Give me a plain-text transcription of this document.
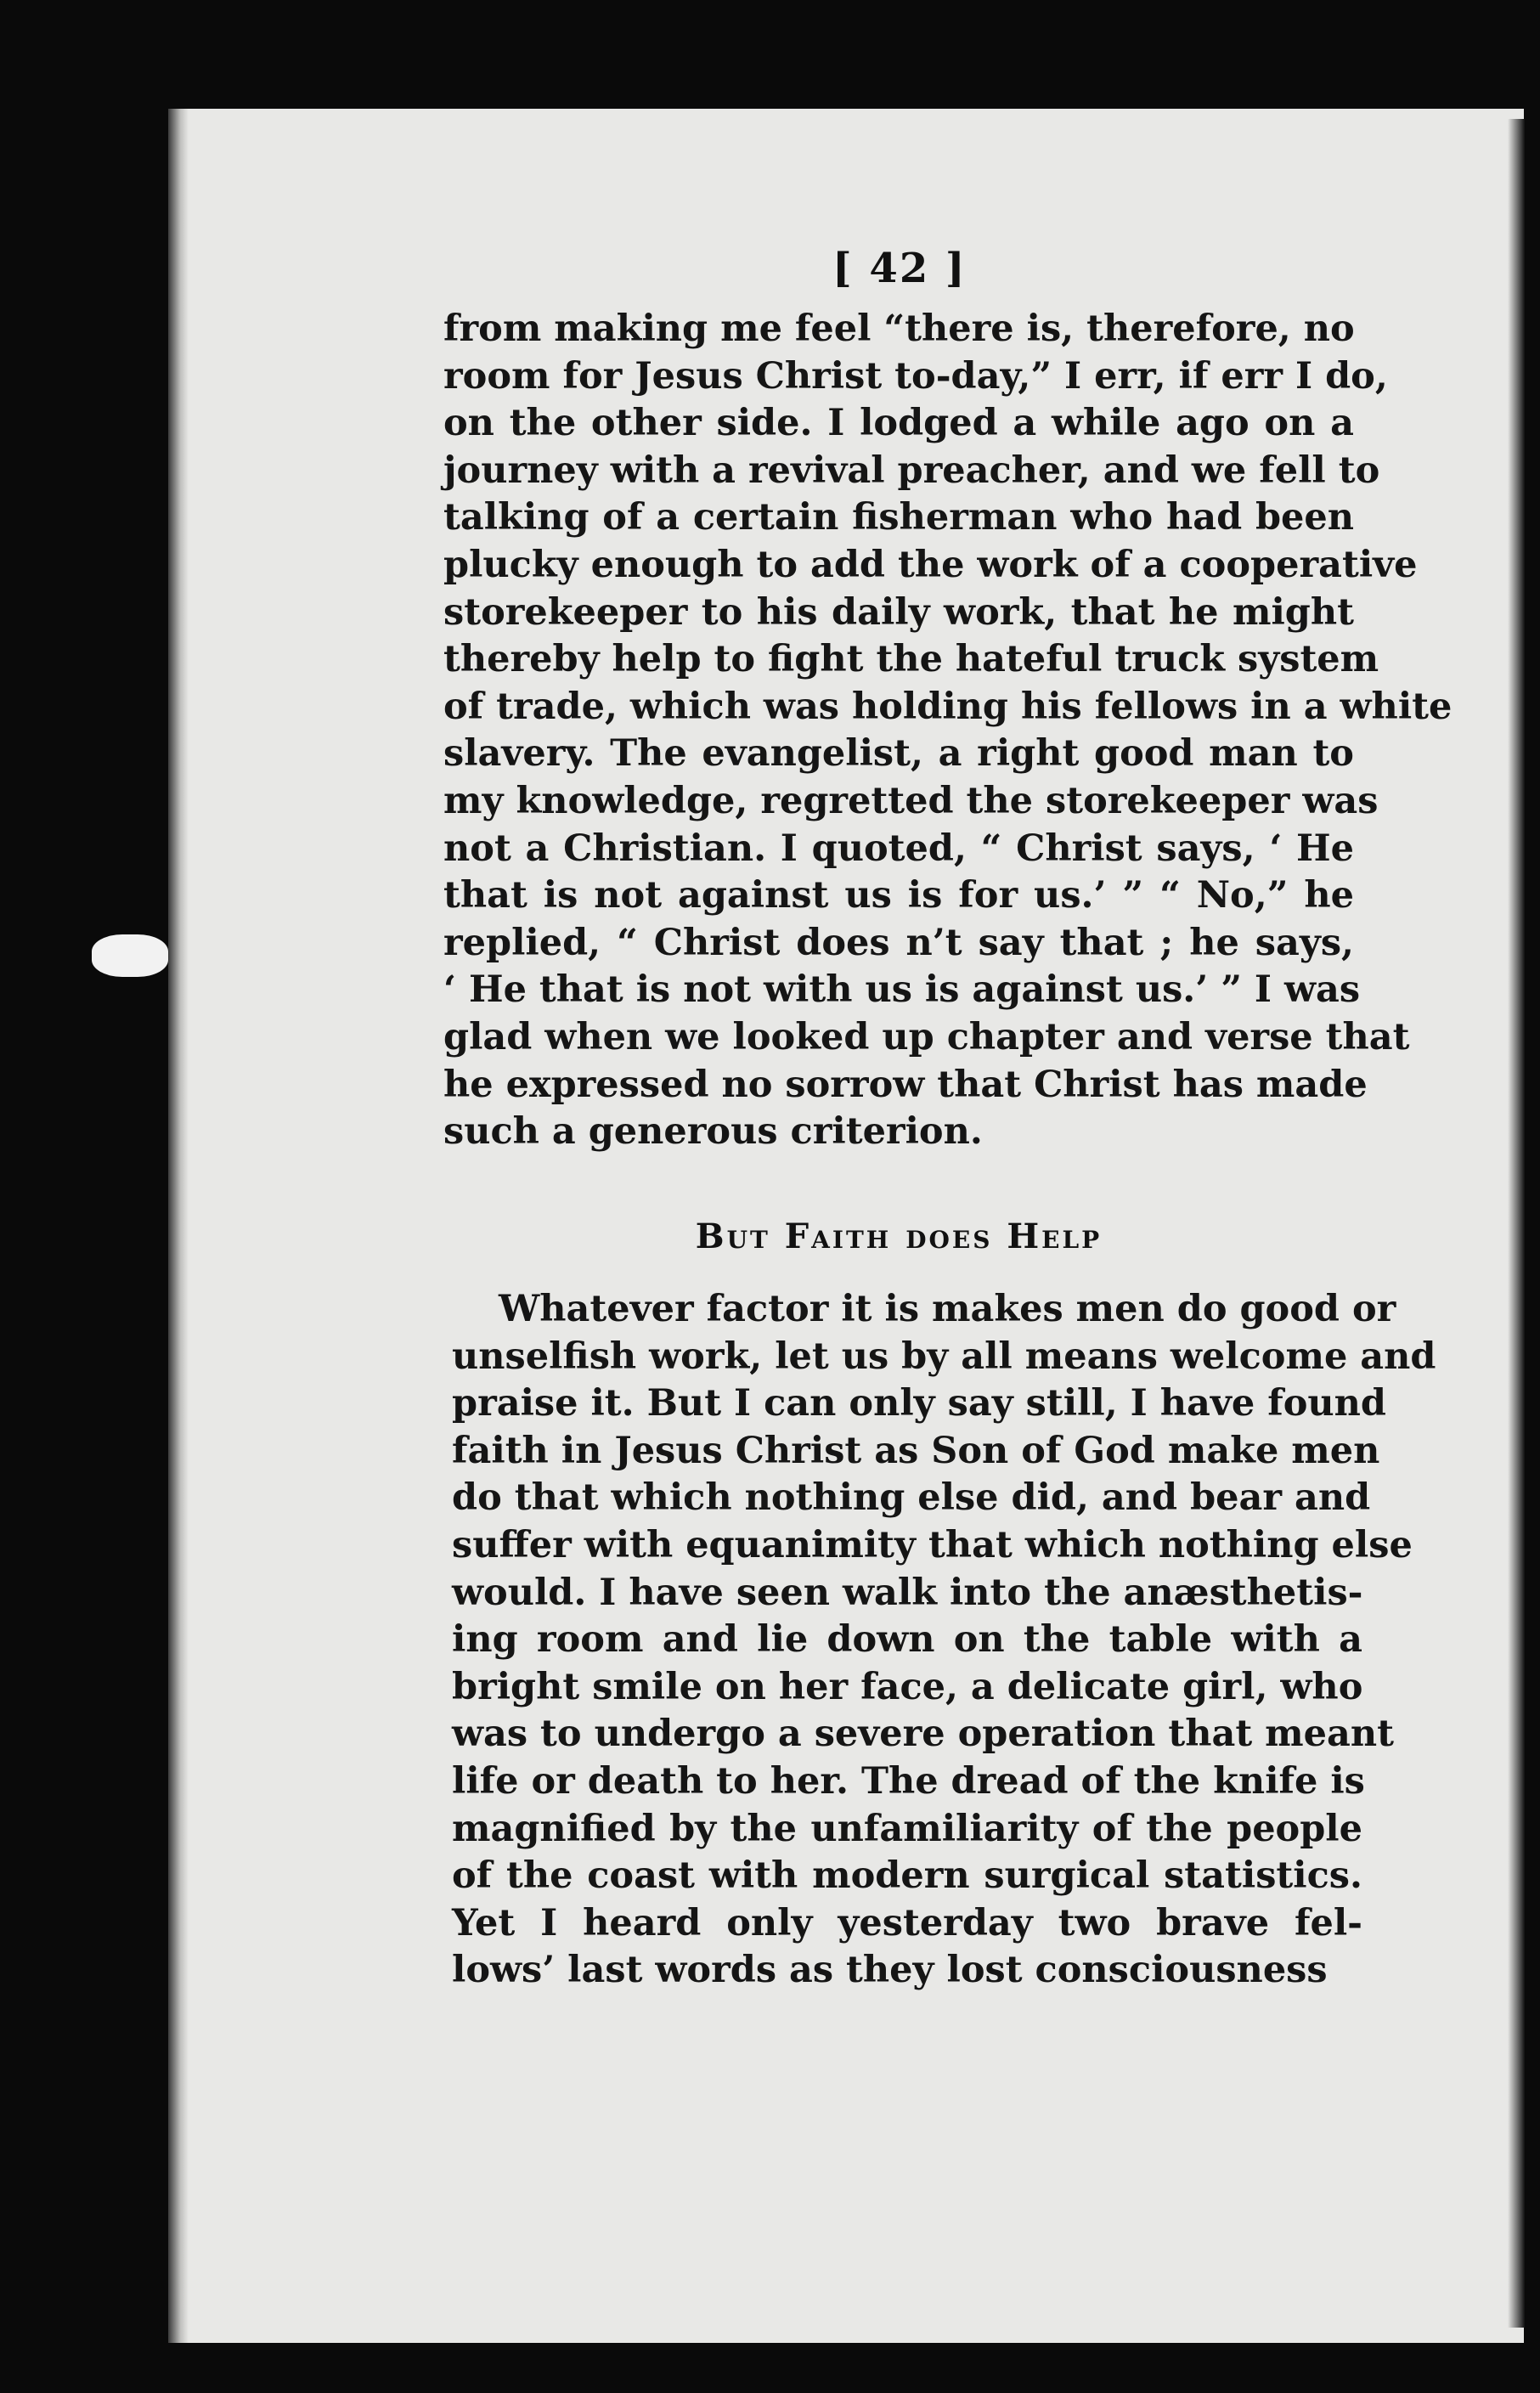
[ 42 ]
from making me feel “there is, therefore, no
room for Jesus Christ to-day,” I err, if err I do,
on the other side. I lodged a while ago on a
journey with a revival preacher, and we fell to
talking of a certain fisherman who had been
plucky enough to add the work of a cooperative
storekeeper to his daily work, that he might
thereby help to fight the hateful truck system
of trade, which was holding his fellows in a white
slavery. The evangelist, a right good man to
my knowledge, regretted the storekeeper was
not a Christian. I quoted, “ Christ says, ‘ He
that is not against us is for us.’ ” “ No,” he
replied, “ Christ does n’t say that ; he says,
‘ He that is not with us is against us.’ ” I was
glad when we looked up chapter and verse that
he expressed no sorrow that Christ has made
such a generous criterion.
But Faith does Help
Whatever factor it is makes men do good or
unselfish work, let us by all means welcome and
praise it. But I can only say still, I have found
faith in Jesus Christ as Son of God make men
do that which nothing else did, and bear and
suffer with equanimity that which nothing else
would. I have seen walk into the anæsthetis-
ing room and lie down on the table with a
bright smile on her face, a delicate girl, who
was to undergo a severe operation that meant
life or death to her. The dread of the knife is
magnified by the unfamiliarity of the people
of the coast with modern surgical statistics.
Yet I heard only yesterday two brave fel-
lows’ last words as they lost consciousness
